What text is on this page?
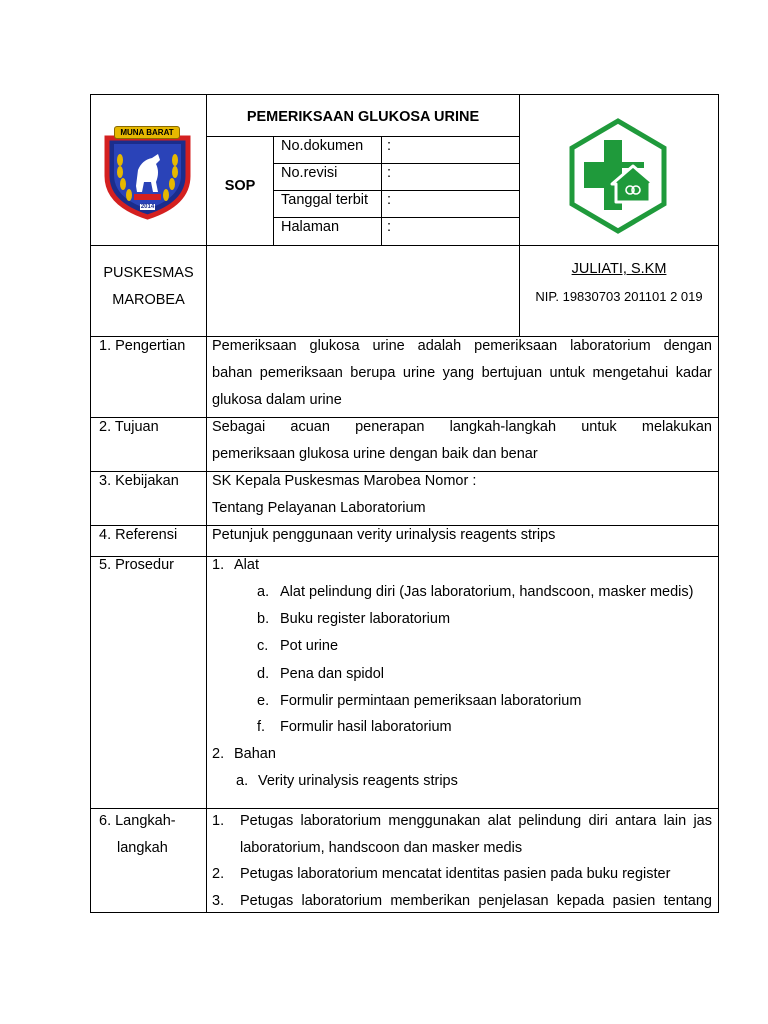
MUNA BARAT
2014
PEMERIKSAAN GLUKOSA URINE
SOP
No.dokumen :
No.revisi	:
Tanggal terbit :
Halaman	:
PUSKESMAS
MAROBEA
JULIATI, S.KM
NIP. 19830703 201101 2 019
1. Pengertian Pemeriksaan glukosa urine adalah pemeriksaan laboratorium dengan
bahan pemeriksaan berupa urine yang bertujuan untuk mengetahui kadar
glukosa dalam urine
2. Tujuan	Sebagai acuan penerapan langkah-langkah untuk melakukan
pemeriksaan glukosa urine dengan baik dan benar
3. Kebijakan SK Kepala Puskesmas Marobea Nomor :
Tentang Pelayanan Laboratorium
4. Referensi Petunjuk penggunaan verity urinalysis reagents strips
5. Prosedur	1. Alat
a. Alat pelindung diri (Jas laboratorium, handscoon, masker medis)
b. Buku register laboratorium
c. Pot urine
d. Pena dan spidol
e. Formulir permintaan pemeriksaan laboratorium
f. Formulir hasil laboratorium
2. Bahan
a. Verity urinalysis reagents strips
6. Langkah-
langkah
1. Petugas laboratorium menggunakan alat pelindung diri antara lain jas
laboratorium, handscoon dan masker medis
2. Petugas laboratorium mencatat identitas pasien pada buku register
3. Petugas laboratorium memberikan penjelasan kepada pasien tentang
